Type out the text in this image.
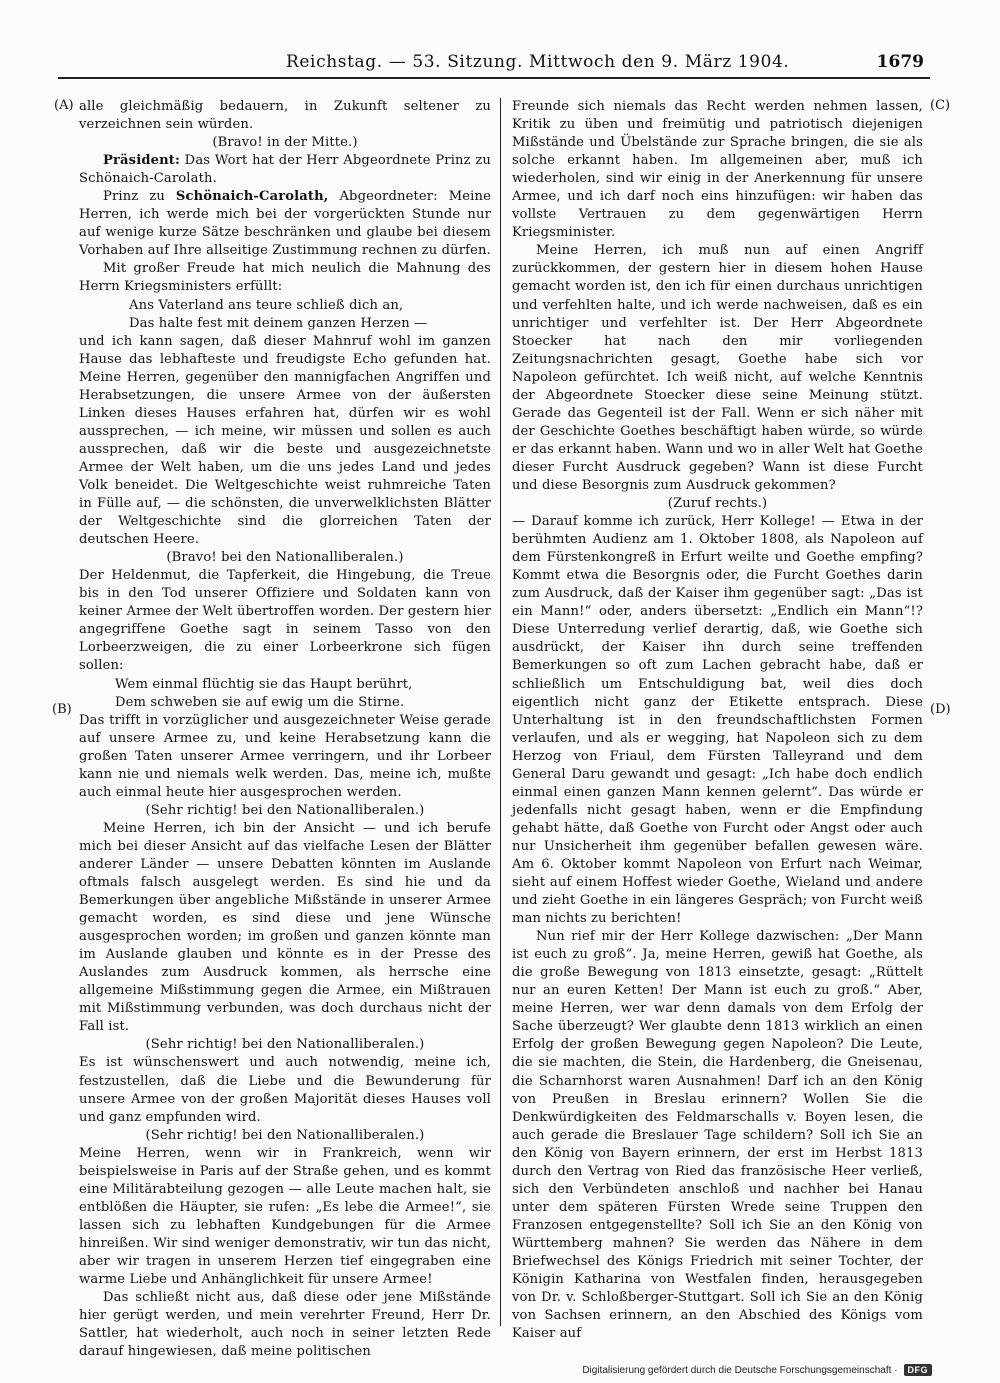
Reichstag. — 53. Sitzung. Mittwoch den 9. März 1904.	1679
(A)
(B)
(C)
(D)

alle gleichmäßig bedauern, in Zukunft seltener zu verzeichnen sein würden.

(Bravo! in der Mitte.)

Präsident: Das Wort hat der Herr Abgeordnete Prinz zu Schönaich-Carolath.

Prinz zu Schönaich-Carolath, Abgeordneter: Meine Herren, ich werde mich bei der vorgerückten Stunde nur auf wenige kurze Sätze beschränken und glaube bei diesem Vorhaben auf Ihre allseitige Zustimmung rechnen zu dürfen.

Mit großer Freude hat mich neulich die Mahnung des Herrn Kriegsministers erfüllt:

Ans Vaterland ans teure schließ dich an,

Das halte fest mit deinem ganzen Herzen —

und ich kann sagen, daß dieser Mahnruf wohl im ganzen Hause das lebhafteste und freudigste Echo gefunden hat. Meine Herren, gegenüber den mannigfachen Angriffen und Herabsetzungen, die unsere Armee von der äußersten Linken dieses Hauses erfahren hat, dürfen wir es wohl aussprechen, — ich meine, wir müssen und sollen es auch aussprechen, daß wir die beste und ausgezeichnetste Armee der Welt haben, um die uns jedes Land und jedes Volk beneidet. Die Weltgeschichte weist ruhmreiche Taten in Fülle auf, — die schönsten, die unverwelklichsten Blätter der Weltgeschichte sind die glorreichen Taten der deutschen Heere.

(Bravo! bei den Nationalliberalen.)

Der Heldenmut, die Tapferkeit, die Hingebung, die Treue bis in den Tod unserer Offiziere und Soldaten kann von keiner Armee der Welt übertroffen worden. Der gestern hier angegriffene Goethe sagt in seinem Tasso von den Lorbeerzweigen, die zu einer Lorbeerkrone sich fügen sollen:

Wem einmal flüchtig sie das Haupt berührt,

Dem schweben sie auf ewig um die Stirne.

Das trifft in vorzüglicher und ausgezeichneter Weise gerade auf unsere Armee zu, und keine Herabsetzung kann die großen Taten unserer Armee verringern, und ihr Lorbeer kann nie und niemals welk werden. Das, meine ich, mußte auch einmal heute hier ausgesprochen werden.

(Sehr richtig! bei den Nationalliberalen.)

Meine Herren, ich bin der Ansicht — und ich berufe mich bei dieser Ansicht auf das vielfache Lesen der Blätter anderer Länder — unsere Debatten könnten im Auslande oftmals falsch ausgelegt werden. Es sind hie und da Bemerkungen über angebliche Mißstände in unserer Armee gemacht worden, es sind diese und jene Wünsche ausgesprochen worden; im großen und ganzen könnte man im Auslande glauben und könnte es in der Presse des Auslandes zum Ausdruck kommen, als herrsche eine allgemeine Mißstimmung gegen die Armee, ein Mißtrauen mit Mißstimmung verbunden, was doch durchaus nicht der Fall ist.

(Sehr richtig! bei den Nationalliberalen.)

Es ist wünschenswert und auch notwendig, meine ich, festzustellen, daß die Liebe und die Bewunderung für unsere Armee von der großen Majorität dieses Hauses voll und ganz empfunden wird.

(Sehr richtig! bei den Nationalliberalen.)

Meine Herren, wenn wir in Frankreich, wenn wir beispielsweise in Paris auf der Straße gehen, und es kommt eine Militärabteilung gezogen — alle Leute machen halt, sie entblößen die Häupter, sie rufen: „Es lebe die Armee!“, sie lassen sich zu lebhaften Kundgebungen für die Armee hinreißen. Wir sind weniger demonstrativ, wir tun das nicht, aber wir tragen in unserem Herzen tief eingegraben eine warme Liebe und Anhänglichkeit für unsere Armee!

Das schließt nicht aus, daß diese oder jene Mißstände hier gerügt werden, und mein verehrter Freund, Herr Dr. Sattler, hat wiederholt, auch noch in seiner letzten Rede darauf hingewiesen, daß meine politischen

Freunde sich niemals das Recht werden nehmen lassen, Kritik zu üben und freimütig und patriotisch diejenigen Mißstände und Übelstände zur Sprache bringen, die sie als solche erkannt haben. Im allgemeinen aber, muß ich wiederholen, sind wir einig in der Anerkennung für unsere Armee, und ich darf noch eins hinzufügen: wir haben das vollste Vertrauen zu dem gegenwärtigen Herrn Kriegsminister.

Meine Herren, ich muß nun auf einen Angriff zurückkommen, der gestern hier in diesem hohen Hause gemacht worden ist, den ich für einen durchaus unrichtigen und verfehlten halte, und ich werde nachweisen, daß es ein unrichtiger und verfehlter ist. Der Herr Abgeordnete Stoecker hat nach den mir vorliegenden Zeitungsnachrichten gesagt, Goethe habe sich vor Napoleon gefürchtet. Ich weiß nicht, auf welche Kenntnis der Abgeordnete Stoecker diese seine Meinung stützt. Gerade das Gegenteil ist der Fall. Wenn er sich näher mit der Geschichte Goethes beschäftigt haben würde, so würde er das erkannt haben. Wann und wo in aller Welt hat Goethe dieser Furcht Ausdruck gegeben? Wann ist diese Furcht und diese Besorgnis zum Ausdruck gekommen?

(Zuruf rechts.)

— Darauf komme ich zurück, Herr Kollege! — Etwa in der berühmten Audienz am 1. Oktober 1808, als Napoleon auf dem Fürstenkongreß in Erfurt weilte und Goethe empfing? Kommt etwa die Besorgnis oder, die Furcht Goethes darin zum Ausdruck, daß der Kaiser ihm gegenüber sagt: „Das ist ein Mann!“ oder, anders übersetzt: „Endlich ein Mann“!? Diese Unterredung verlief derartig, daß, wie Goethe sich ausdrückt, der Kaiser ihn durch seine treffenden Bemerkungen so oft zum Lachen gebracht habe, daß er schließlich um Entschuldigung bat, weil dies doch eigentlich nicht ganz der Etikette entsprach. Diese Unterhaltung ist in den freundschaftlichsten Formen verlaufen, und als er wegging, hat Napoleon sich zu dem Herzog von Friaul, dem Fürsten Talleyrand und dem General Daru gewandt und gesagt: „Ich habe doch endlich einmal einen ganzen Mann kennen gelernt“. Das würde er jedenfalls nicht gesagt haben, wenn er die Empfindung gehabt hätte, daß Goethe von Furcht oder Angst oder auch nur Unsicherheit ihm gegenüber befallen gewesen wäre. Am 6. Oktober kommt Napoleon von Erfurt nach Weimar, sieht auf einem Hoffest wieder Goethe, Wieland und andere und zieht Goethe in ein längeres Gespräch; von Furcht weiß man nichts zu berichten!

Nun rief mir der Herr Kollege dazwischen: „Der Mann ist euch zu groß“. Ja, meine Herren, gewiß hat Goethe, als die große Bewegung von 1813 einsetzte, gesagt: „Rüttelt nur an euren Ketten! Der Mann ist euch zu groß.“ Aber, meine Herren, wer war denn damals von dem Erfolg der Sache überzeugt? Wer glaubte denn 1813 wirklich an einen Erfolg der großen Bewegung gegen Napoleon? Die Leute, die sie machten, die Stein, die Hardenberg, die Gneisenau, die Scharnhorst waren Ausnahmen! Darf ich an den König von Preußen in Breslau erinnern? Wollen Sie die Denkwürdigkeiten des Feldmarschalls v. Boyen lesen, die auch gerade die Breslauer Tage schildern? Soll ich Sie an den König von Bayern erinnern, der erst im Herbst 1813 durch den Vertrag von Ried das französische Heer verließ, sich den Verbündeten anschloß und nachher bei Hanau unter dem späteren Fürsten Wrede seine Truppen den Franzosen entgegenstellte? Soll ich Sie an den König von Württemberg mahnen? Sie werden das Nähere in dem Briefwechsel des Königs Friedrich mit seiner Tochter, der Königin Katharina von Westfalen finden, herausgegeben von Dr. v. Schloßberger-Stuttgart. Soll ich Sie an den König von Sachsen erinnern, an den Abschied des Königs vom Kaiser auf

Digitalisierung gefördert durch die Deutsche Forschungsgemeinschaft ·	DFG
